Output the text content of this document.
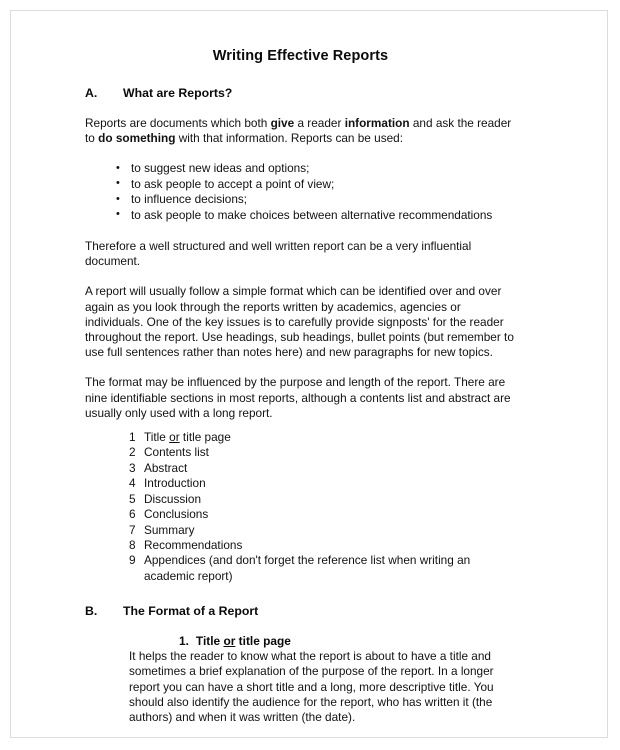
Writing Effective Reports
A.	What are Reports?

Reports are documents which both give a reader information and ask the reader to do something with that information. Reports can be used:

• to suggest new ideas and options;
• to ask people to accept a point of view;
• to influence decisions;
• to ask people to make choices between alternative recommendations

Therefore a well structured and well written report can be a very influential document.

A report will usually follow a simple format which can be identified over and over again as you look through the reports written by academics, agencies or individuals. One of the key issues is to carefully provide signposts' for the reader throughout the report. Use headings, sub headings, bullet points (but remember to use full sentences rather than notes here) and new paragraphs for new topics.

The format may be influenced by the purpose and length of the report. There are nine identifiable sections in most reports, although a contents list and abstract are usually only used with a long report.

1 Title or title page
2 Contents list
3 Abstract
4 Introduction
5 Discussion
6 Conclusions
7 Summary
8 Recommendations
9 Appendices (and don't forget the reference list when writing an academic report)
B.	The Format of a Report
1. Title or title page

It helps the reader to know what the report is about to have a title and sometimes a brief explanation of the purpose of the report. In a longer report you can have a short title and a long, more descriptive title. You should also identify the audience for the report, who has written it (the authors) and when it was written (the date).
